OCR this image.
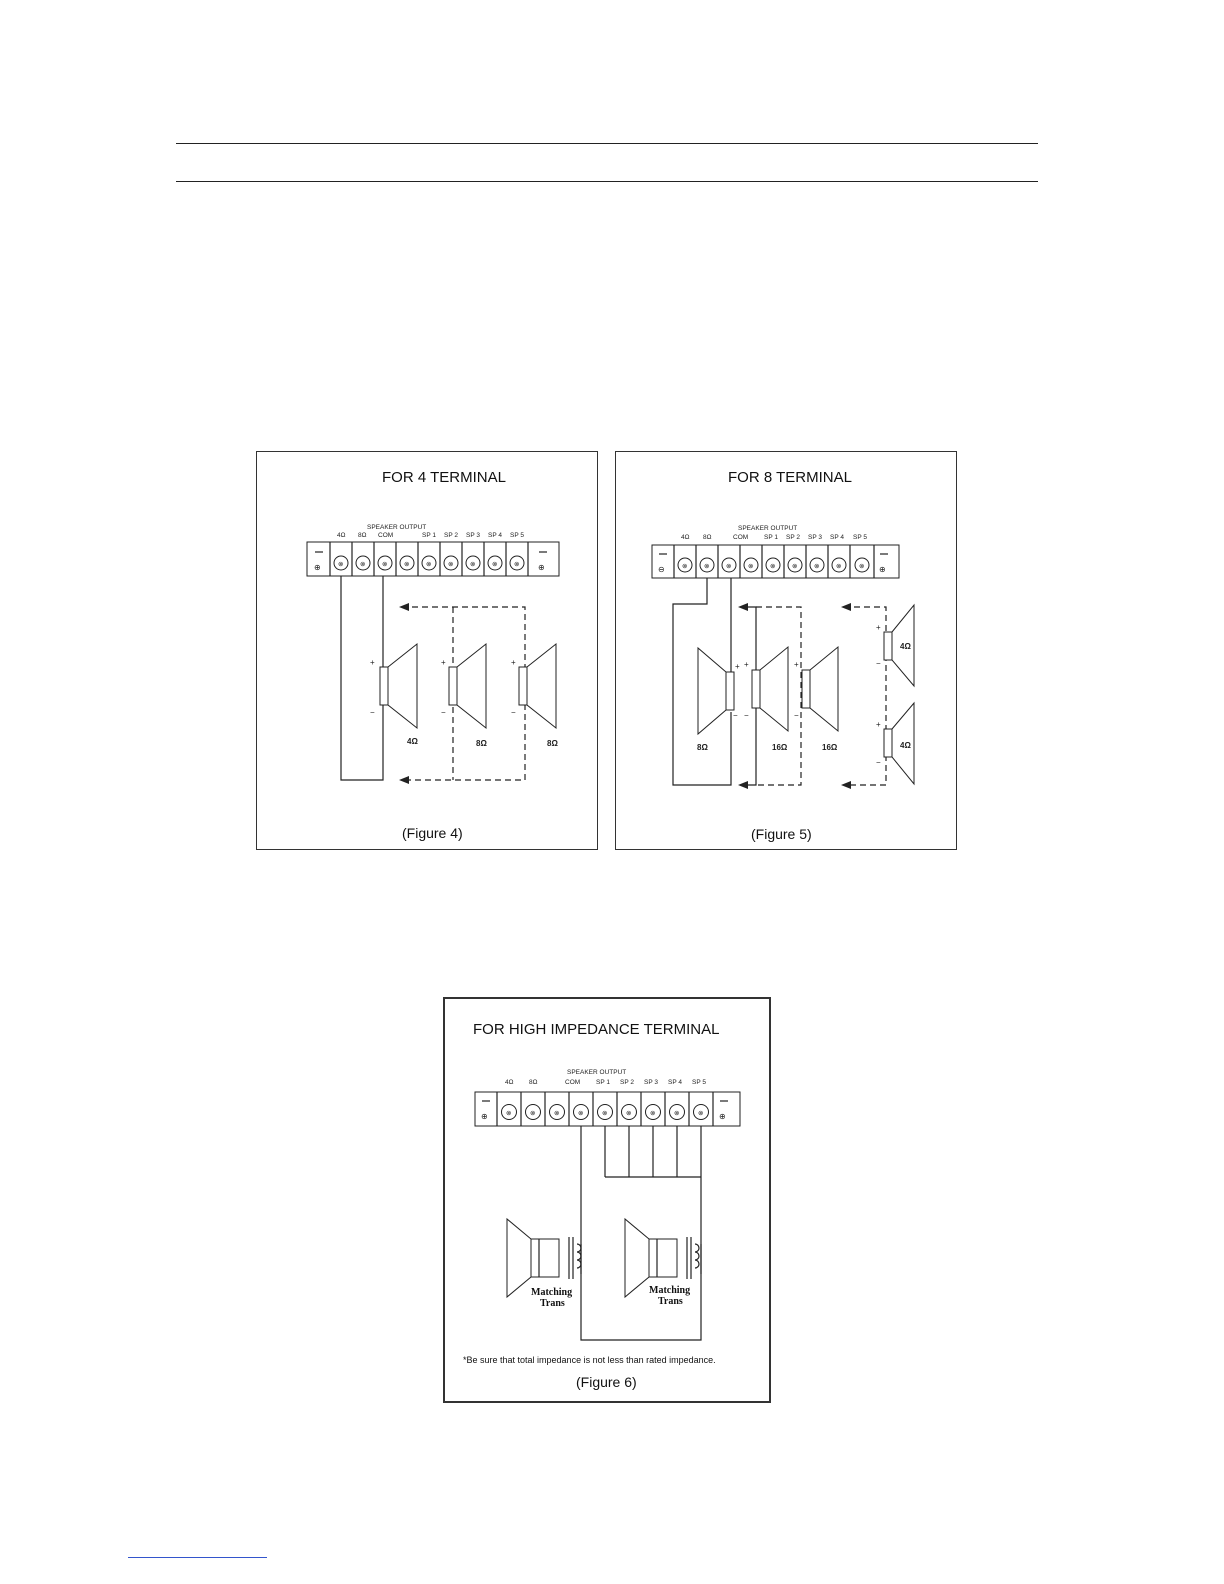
FOR 4 TERMINAL
SPEAKER OUTPUT
4Ω 8Ω COM	SP 1 SP 2 SP 3 SP 4 SP 5
⊕	⊕
⊗	⊗	⊗	⊗	⊗	⊗	⊗	⊗	⊗
+
−
+
−
+
−
4Ω	8Ω	8Ω
(Figure 4)
FOR 8 TERMINAL
SPEAKER OUTPUT
4Ω 8Ω	COM SP 1 SP 2 SP 3 SP 4 SP 5
⊖	⊕
⊗	⊗	⊗	⊗	⊗	⊗	⊗	⊗	⊗
+
−
+
−
+
−
+
−
+
−
8Ω	16Ω	16Ω
4Ω
4Ω
(Figure 5)
FOR HIGH IMPEDANCE TERMINAL
SPEAKER OUTPUT
4Ω 8Ω	COM SP 1 SP 2 SP 3 SP 4 SP 5
⊕	⊕
⊗	⊗	⊗	⊗	⊗	⊗	⊗	⊗	⊗
Matching
Trans
Matching
Trans
*Be sure that total impedance is not less than rated impedance.
(Figure 6)
